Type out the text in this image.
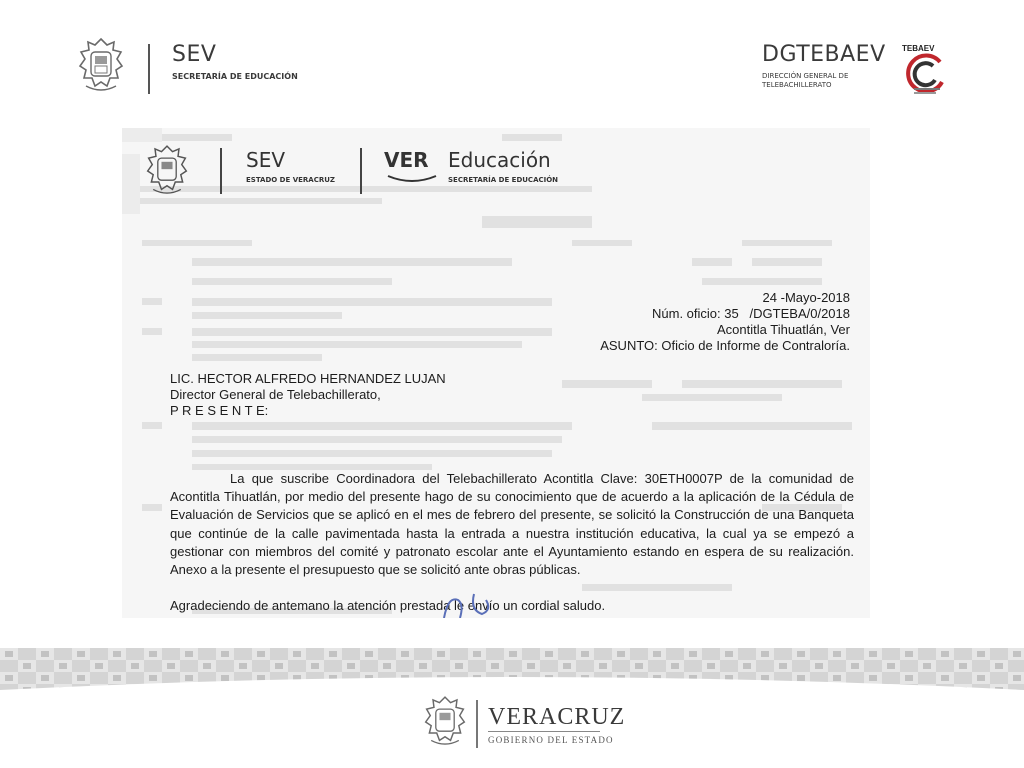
SEV
SECRETARÍA DE EDUCACIÓN
DGTEBAEV
DIRECCIÓN GENERAL DE
TELEBACHILLERATO
TEBAEV
SEV
ESTADO DE VERACRUZ
VER Educación
SECRETARÍA DE EDUCACIÓN
24 -Mayo-2018
Núm. oficio: 35   /DGTEBA/0/2018
Acontitla Tihuatlán, Ver
ASUNTO: Oficio de Informe de Contraloría.
LIC. HECTOR ALFREDO HERNANDEZ LUJAN
Director General de Telebachillerato,
P R E S E N T E:

La que suscribe Coordinadora del Telebachillerato Acontitla Clave: 30ETH0007P de la comunidad de Acontitla Tihuatlán, por medio del presente hago de su conocimiento que de acuerdo a la aplicación de la Cédula de Evaluación de Servicios que se aplicó en el mes de febrero del presente, se solicitó la Construcción de una Banqueta que continúe de la calle pavimentada hasta la entrada a nuestra institución educativa, la cual ya se empezó a gestionar con miembros del comité y patronato escolar ante el Ayuntamiento estando en espera de su realización. Anexo a la presente el presupuesto que se solicitó ante obras públicas.

Agradeciendo de antemano la atención prestada le envío un cordial saludo.
VERACRUZ
GOBIERNO DEL ESTADO
